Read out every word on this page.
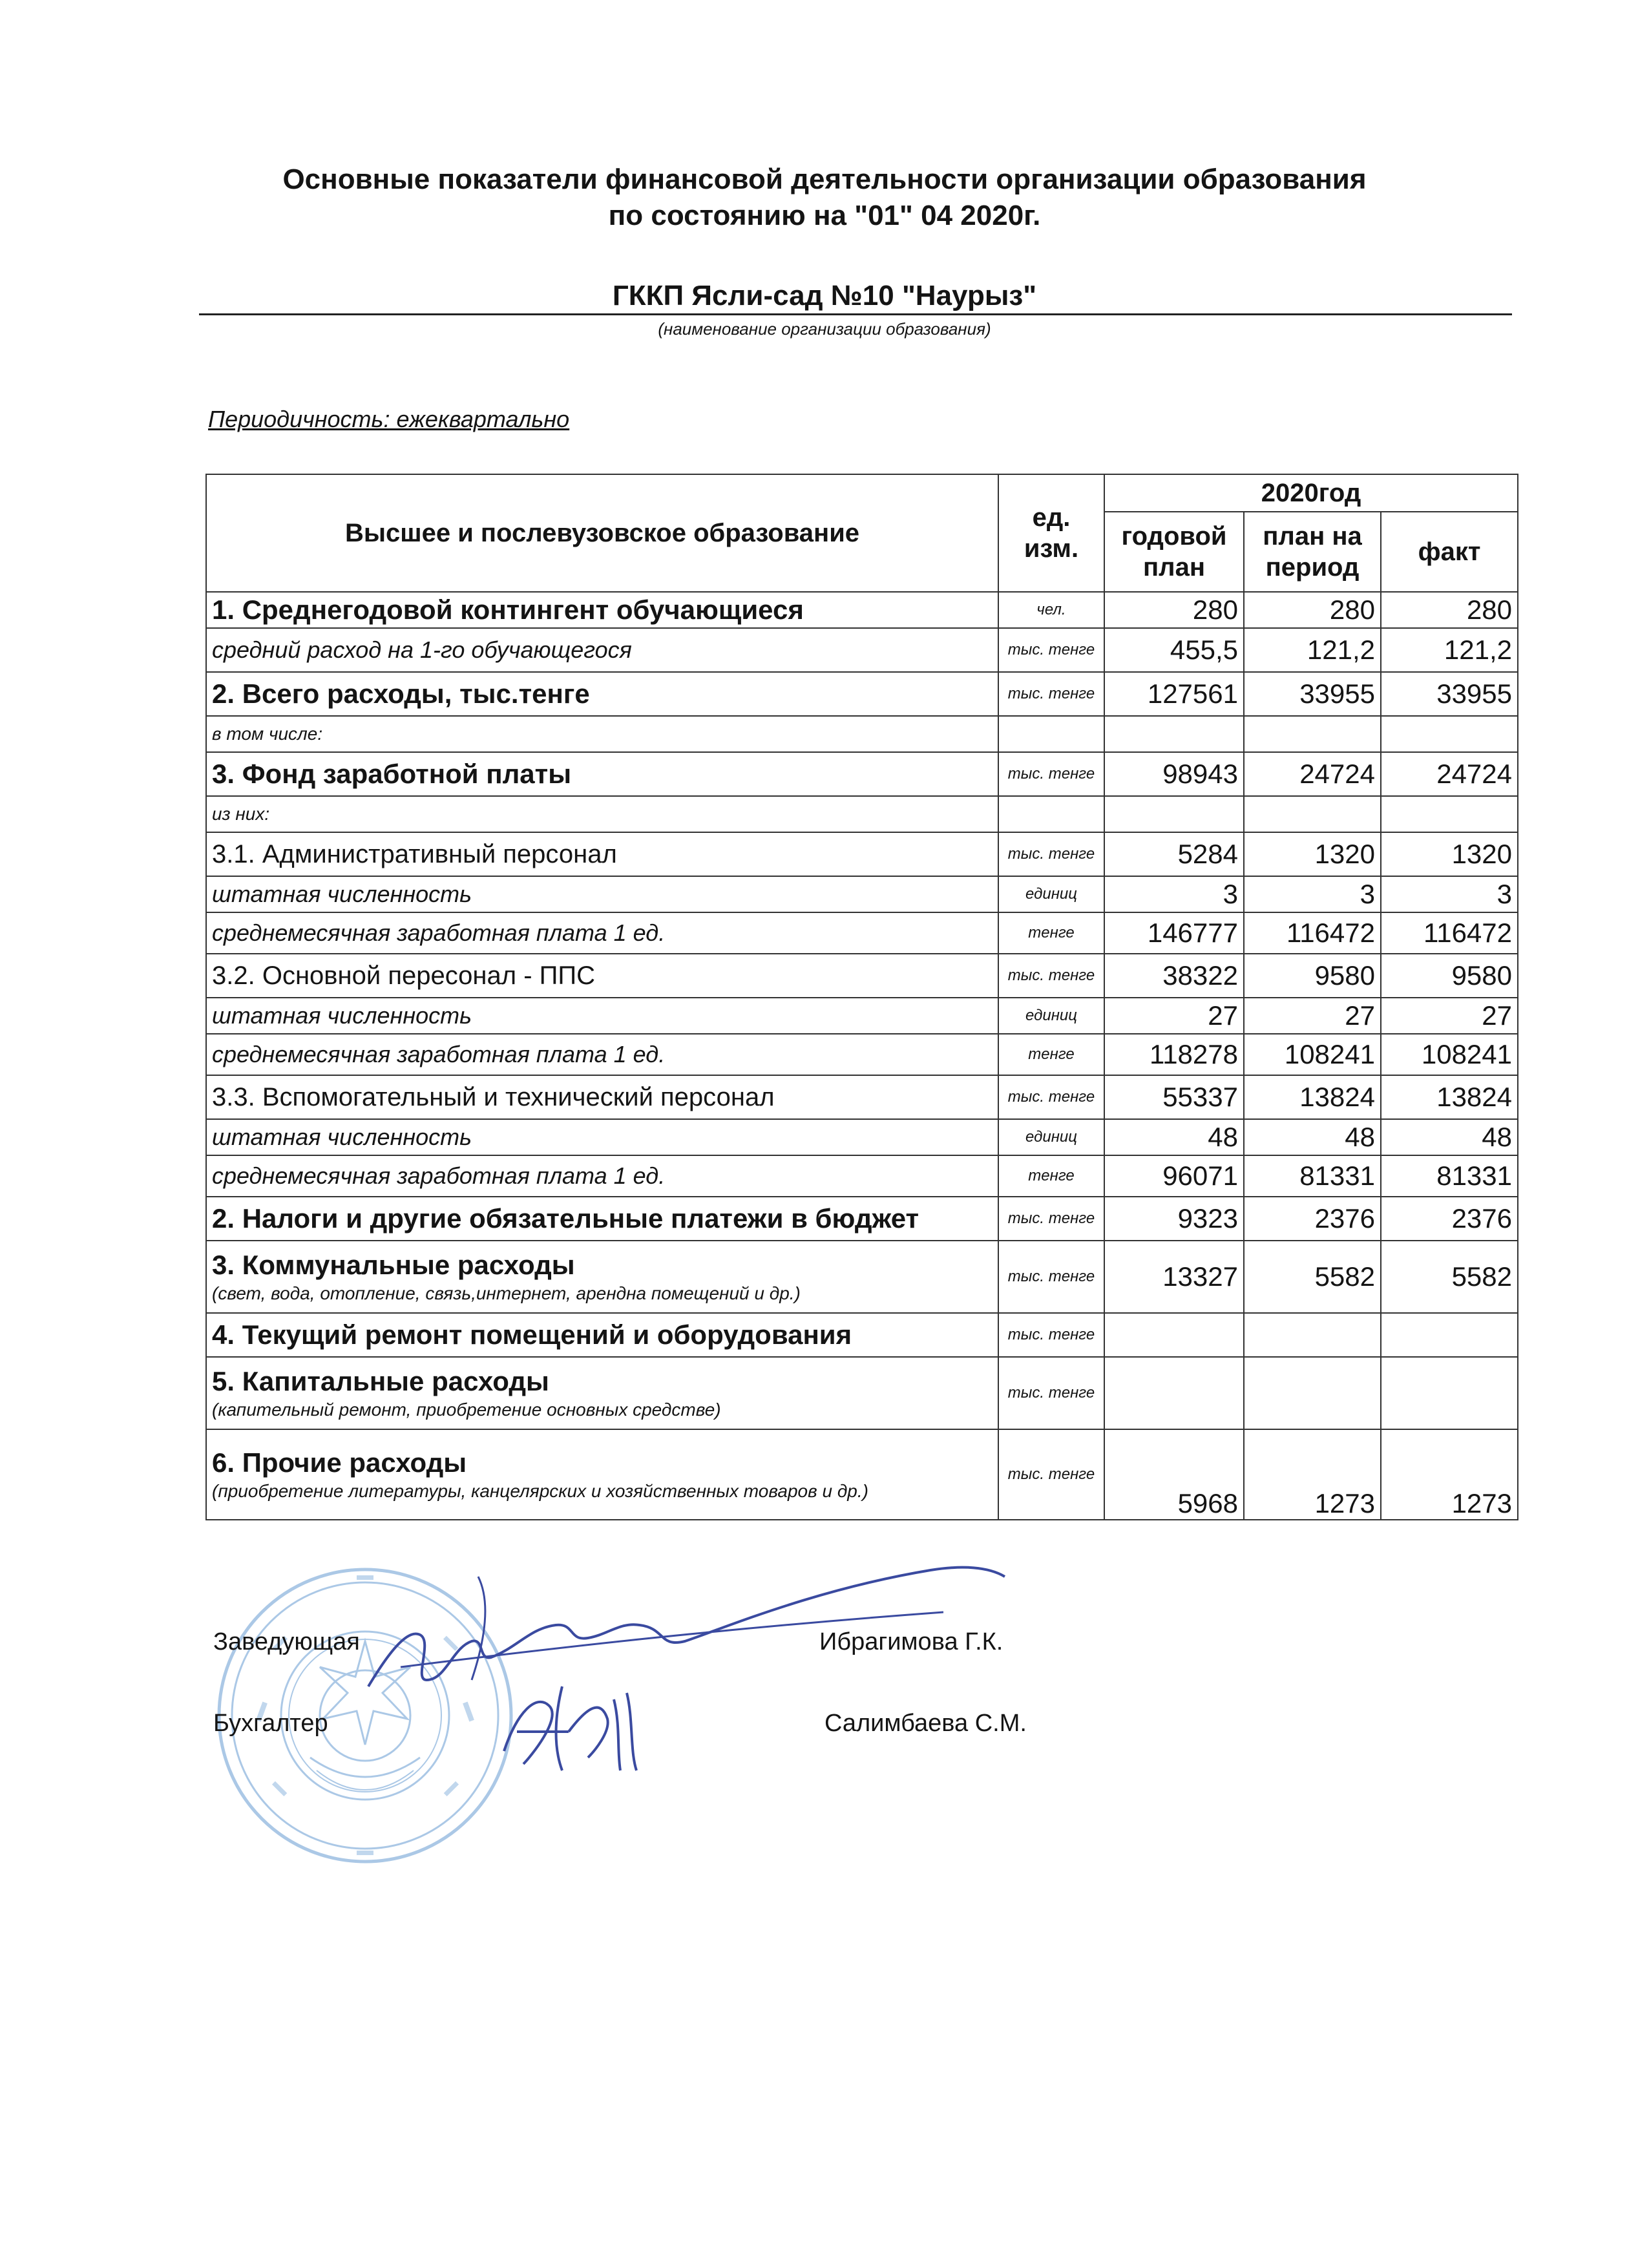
Основные показатели финансовой деятельности организации образования
по состоянию на "01" 04 2020г.
ГККП Ясли-сад №10 "Наурыз"
(наименование организации образования)
Периодичность: ежеквартально
Высшее и послевузовское образование	ед. изм.	2020год		
		годовой план	план на период	факт

1. Среднегодовой контингент обучающиеся	чел.	280	280	280

средний расход на 1-го обучающегося	тыс. тенге	455,5	121,2	121,2

2. Всего расходы, тыс.тенге	тыс. тенге	127561	33955	33955

в том числе:				

3. Фонд заработной платы	тыс. тенге	98943	24724	24724

из них:				

3.1. Административный персонал	тыс. тенге	5284	1320	1320

штатная численность	единиц	3	3	3

среднемесячная заработная плата 1 ед.	тенге	146777	116472	116472

3.2. Основной пересонал - ППС	тыс. тенге	38322	9580	9580

штатная численность	единиц	27	27	27

среднемесячная заработная плата 1 ед.	тенге	118278	108241	108241

3.3. Вспомогательный и технический персонал	тыс. тенге	55337	13824	13824

штатная численность	единиц	48	48	48

среднемесячная заработная плата 1 ед.	тенге	96071	81331	81331

2. Налоги и другие обязательные платежи в бюджет	тыс. тенге	9323	2376	2376

3. Коммунальные расходы
(свет, вода, отопление, связь,интернет, арендна помещений и др.)	тыс. тенге	13327	5582	5582

4. Текущий ремонт помещений и оборудования	тыс. тенге			

5. Капитальные расходы
(капительный ремонт, приобретение основных средстве)	тыс. тенге			

6. Прочие расходы
(приобретение литературы, канцелярских и хозяйственных товаров и др.)	тыс. тенге	5968	1273	1273
Заведующая	Ибрагимова Г.К.
Бухгалтер	Салимбаева С.М.
